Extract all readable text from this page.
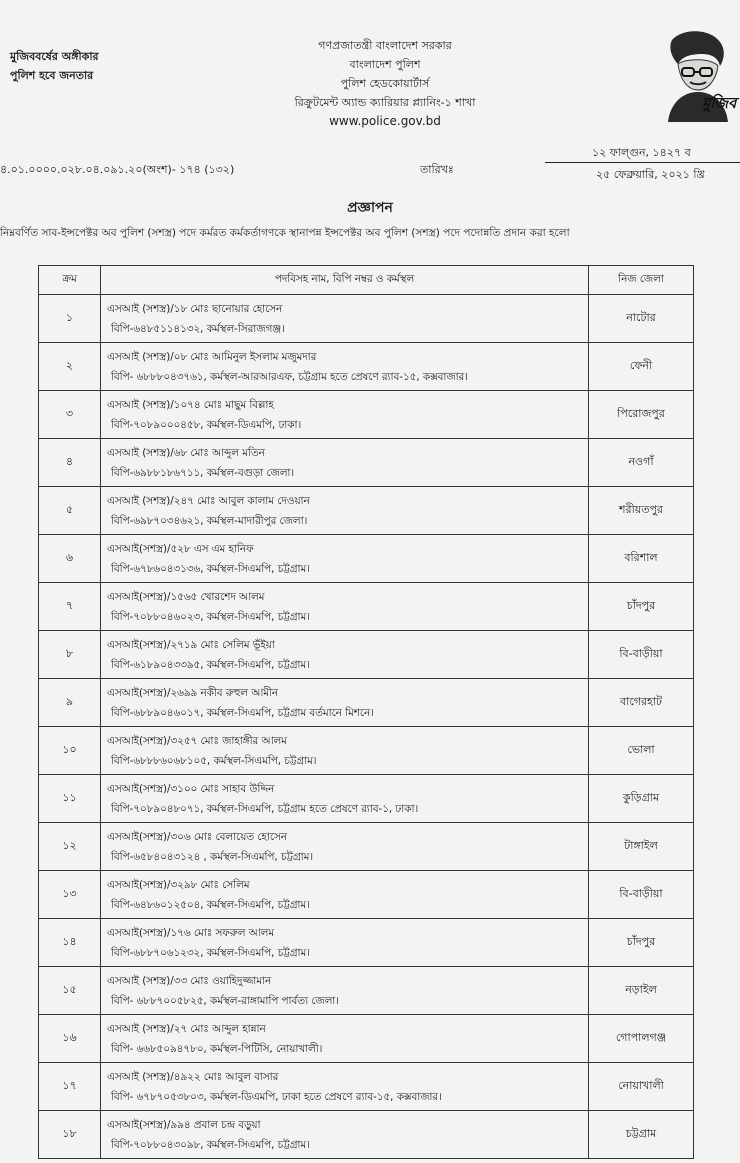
মুজিববর্ষের অঙ্গীকার
পুলিশ হবে জনতার
গণপ্রজাতন্ত্রী বাংলাদেশ সরকার
বাংলাদেশ পুলিশ
পুলিশ হেডকোয়ার্টার্স
রিক্রুটমেন্ট অ্যান্ড ক্যারিয়ার প্ল্যানিং-১ শাখা
www.police.gov.bd
মুজিব
৪.০১.০০০০.০২৮.০৪.০৯১.২০(অংশ)- ১৭৪ (১৩২)	তারিখঃ
১২ ফাল্গুন, ১৪২৭ ব
২৫ ফেব্রুয়ারি, ২০২১ খ্রি
প্রজ্ঞাপন
নিম্নবর্ণিত সাব-ইন্সপেক্টর অব পুলিশ (সশস্ত্র) পদে কর্মরত কর্মকর্তাগণকে স্থানাপন্ন ইন্সপেক্টর অব পুলিশ (সশস্ত্র) পদে পদোন্নতি প্রদান করা হলো
ক্রম	পদবিসহ নাম, বিপি নম্বর ও কর্মস্থল	নিজ জেলা
১	এসআই (সশস্ত্র)/১৮ মোঃ ছানোয়ার হোসেন
বিপি-৬৪৮৫১১৪১৩২, কর্মস্থল-সিরাজগঞ্জ।	নাটোর
২	এসআই (সশস্ত্র)/০৮ মোঃ আমিনুল ইসলাম মজুমদার
বিপি- ৬৮৮৮০৪৩৭৬১, কর্মস্থল-আরআরএফ, চট্টগ্রাম হতে প্রেষণে র‍্যাব-১৫, কক্সবাজার।	ফেনী
৩	এসআই (সশস্ত্র)/১০৭৪ মোঃ মাছুম বিল্লাহ
বিপি-৭০৮৯০০০৪৫৮, কর্মস্থল-ডিএমপি, ঢাকা।	পিরোজপুর
৪	এসআই (সশস্ত্র)/৬৮ মোঃ আব্দুল মতিন
বিপি-৬৯৮৮১৮৬৭১১, কর্মস্থল-বগুড়া জেলা।	নওগাঁ
৫	এসআই (সশস্ত্র)/২৪৭ মোঃ আবুল কালাম দেওয়ান
বিপি-৬৯৮৭০৩৪৬২১, কর্মস্থল-মাদারীপুর জেলা।	শরীয়তপুর
৬	এসআই(সশস্ত্র)/৫২৮ এস এম হানিফ
বিপি-৬৭৮৬০৪৩১৩৬, কর্মস্থল-সিএমপি, চট্টগ্রাম।	বরিশাল
৭	এসআই(সশস্ত্র)/১৫৬৫ খোরশেদ আলম
বিপি-৭০৮৮০৪৬০২৩, কর্মস্থল-সিএমপি, চট্টগ্রাম।	চাঁদপুর
৮	এসআই(সশস্ত্র)/২৭১৯ মোঃ সেলিম ভূঁইয়া
বিপি-৬১৮৯০৪৩৩৯৫, কর্মস্থল-সিএমপি, চট্টগ্রাম।	বি-বাড়ীয়া
৯	এসআই(সশস্ত্র)/২৬৯৯ নকীব রুহুল আমীন
বিপি-৬৮৮৯০৪৬০১৭, কর্মস্থল-সিএমপি, চট্টগ্রাম বর্তমানে মিশনে।	বাগেরহাট
১০	এসআই(সশস্ত্র)/৩২৫৭ মোঃ জাহাঙ্গীর আলম
বিপি-৬৮৮৮৬০৬৮১০৫, কর্মস্থল-সিএমপি, চট্টগ্রাম।	ভোলা
১১	এসআই(সশস্ত্র)/৩১০০ মোঃ সাহাব উদ্দিন
বিপি-৭০৮৯০৪৮০৭১, কর্মস্থল-সিএমপি, চট্টগ্রাম হতে প্রেষণে র‍্যাব-১, ঢাকা।	কুড়িগ্রাম
১২	এসআই(সশস্ত্র)/৩০৬ মোঃ বেলায়েত হোসেন
বিপি-৬৫৮৪০৪৩১২৪ , কর্মস্থল-সিএমপি, চট্টগ্রাম।	টাঙ্গাইল
১৩	এসআই(সশস্ত্র)/৩২৯৮ মোঃ সেলিম
বিপি-৬৪৮৬০১২৫০৪, কর্মস্থল-সিএমপি, চট্টগ্রাম।	বি-বাড়ীয়া
১৪	এসআই(সশস্ত্র)/১৭৬ মোঃ সফরুল আলম
বিপি-৬৮৮৭০৬১২৩২, কর্মস্থল-সিএমপি, চট্টগ্রাম।	চাঁদপুর
১৫	এসআই (সশস্ত্র)/৩৩ মোঃ ওয়াহিদুজ্জামান
বিপি- ৬৮৮৭০০৫৮২৫, কর্মস্থল-রাঙ্গামাপি পার্বত্য জেলা।	নড়াইল
১৬	এসআই (সশস্ত্র)/২৭ মোঃ আব্দুল হান্নান
বিপি- ৬৬৮৫০৯৪৭৮০, কর্মস্থল-পিটিসি, নোয়াখালী।	গোপালগঞ্জ
১৭	এসআই (সশস্ত্র)/৪৯২২ মোঃ আবুল বাসার
বিপি- ৬৭৮৭০৫৩৮০৩, কর্মস্থল-ডিএমপি, ঢাকা হতে প্রেষণে র‍্যাব-১৫, কক্সবাজার।	নোয়াখালী
১৮	এসআই(সশস্ত্র)/৯৯৪ প্রবাল চন্দ্র বড়ুয়া
বিপি-৭০৮৮০৪৩০৯৮, কর্মস্থল-সিএমপি, চট্টগ্রাম।	চট্টগ্রাম
